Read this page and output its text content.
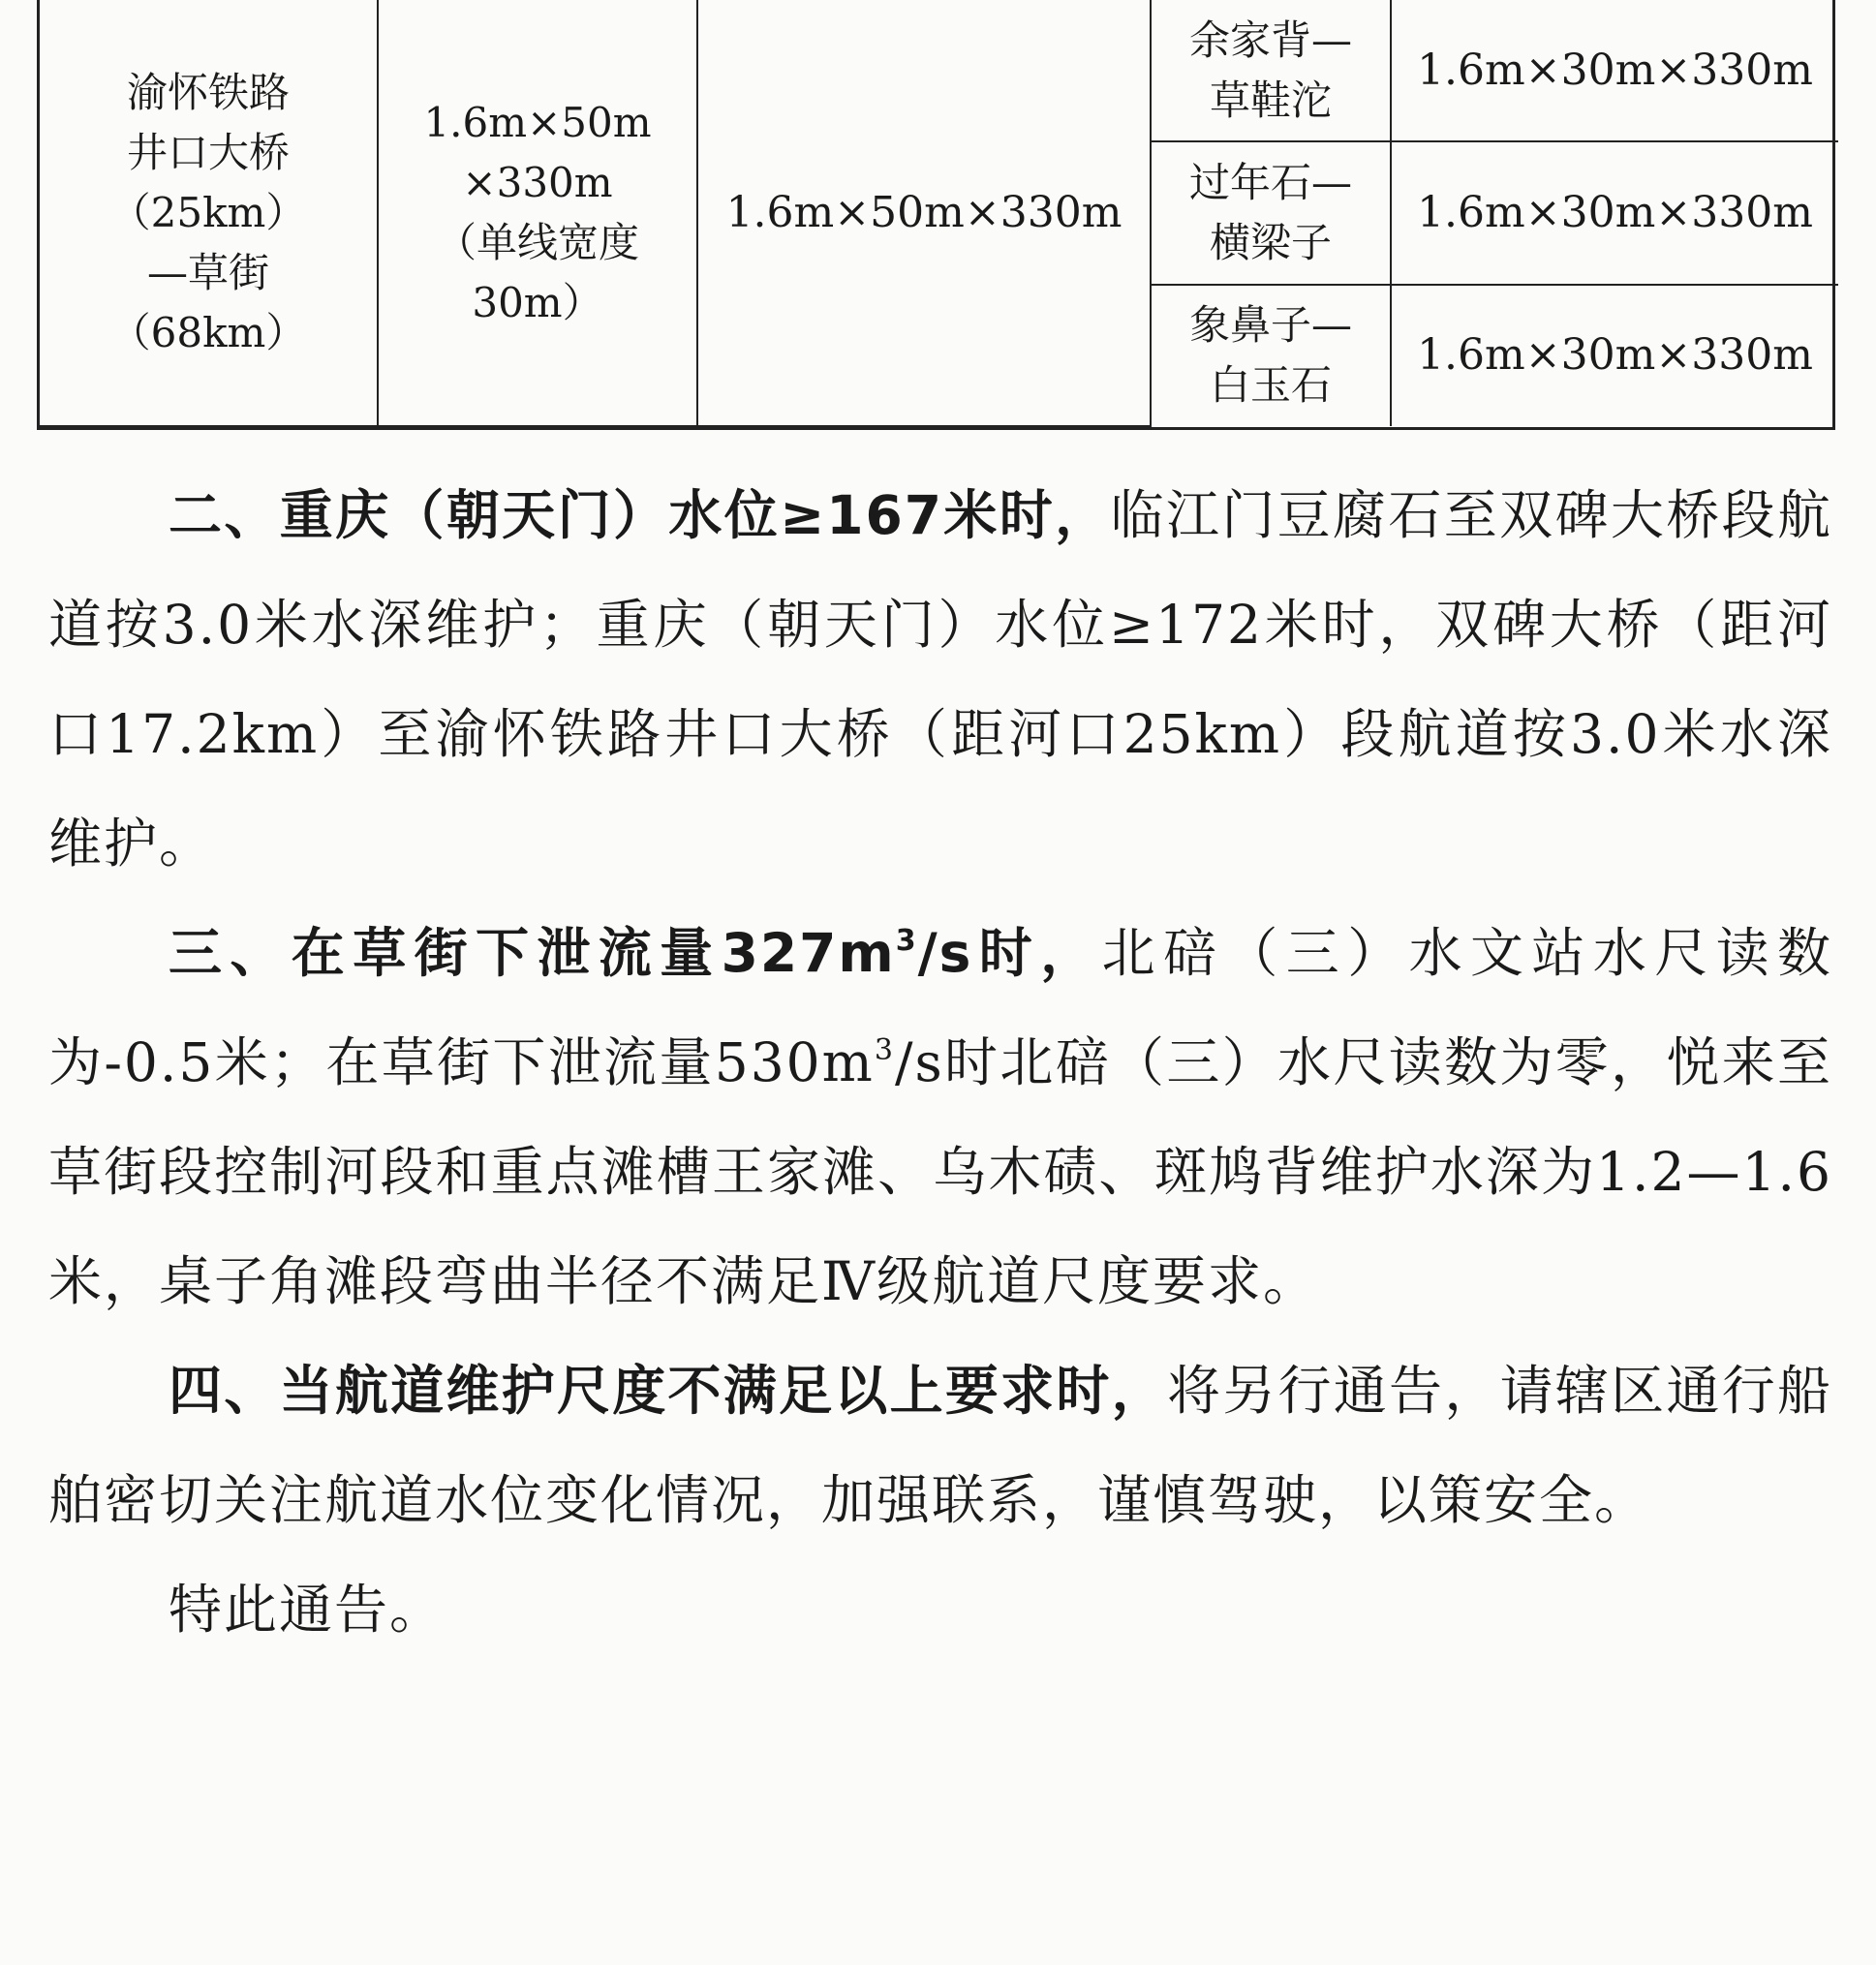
渝怀铁路
井口大桥
（25km）
—草街
（68km）	1.6m×50m
×330m
（单线宽度
30m）	1.6m×50m×330m	余家背—
草鞋沱	1.6m×30m×330m

			过年石—
横梁子	1.6m×30m×330m

			象鼻子—
白玉石	1.6m×30m×330m

二、重庆（朝天门）水位≥167米时，临江门豆腐石至双碑大桥段航道按3.0米水深维护；重庆（朝天门）水位≥172米时，双碑大桥（距河口17.2km）至渝怀铁路井口大桥（距河口25km）段航道按3.0米水深维护。

三、在草街下泄流量$327m^3/s$时，北碚（三）水文站水尺读数为-0.5米；在草街下泄流量$530m^3/s$时北碚（三）水尺读数为零，悦来至草街段控制河段和重点滩槽王家滩、乌木碛、斑鸠背维护水深为1.2—1.6米，桌子角滩段弯曲半径不满足Ⅳ级航道尺度要求。

四、当航道维护尺度不满足以上要求时，将另行通告，请辖区通行船舶密切关注航道水位变化情况，加强联系，谨慎驾驶，以策安全。

特此通告。
